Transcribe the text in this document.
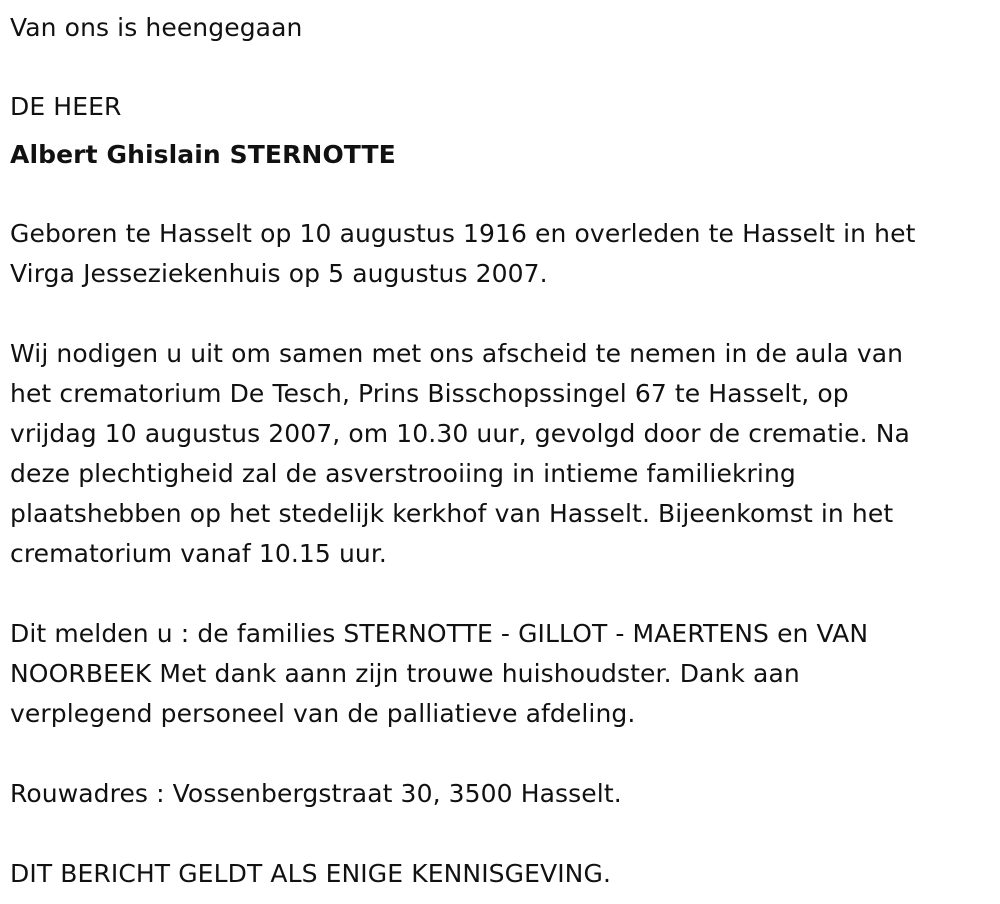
Van ons is heengegaan
DE HEER
Albert Ghislain STERNOTTE
Geboren te Hasselt op 10 augustus 1916 en overleden te Hasselt in het
Virga Jesseziekenhuis op 5 augustus 2007.
Wij nodigen u uit om samen met ons afscheid te nemen in de aula van
het crematorium De Tesch, Prins Bisschopssingel 67 te Hasselt, op
vrijdag 10 augustus 2007, om 10.30 uur, gevolgd door de crematie. Na
deze plechtigheid zal de asverstrooiing in intieme familiekring
plaatshebben op het stedelijk kerkhof van Hasselt. Bijeenkomst in het
crematorium vanaf 10.15 uur.
Dit melden u : de families STERNOTTE - GILLOT - MAERTENS en VAN
NOORBEEK Met dank aann zijn trouwe huishoudster. Dank aan
verplegend personeel van de palliatieve afdeling.
Rouwadres : Vossenbergstraat 30, 3500 Hasselt.
DIT BERICHT GELDT ALS ENIGE KENNISGEVING.
